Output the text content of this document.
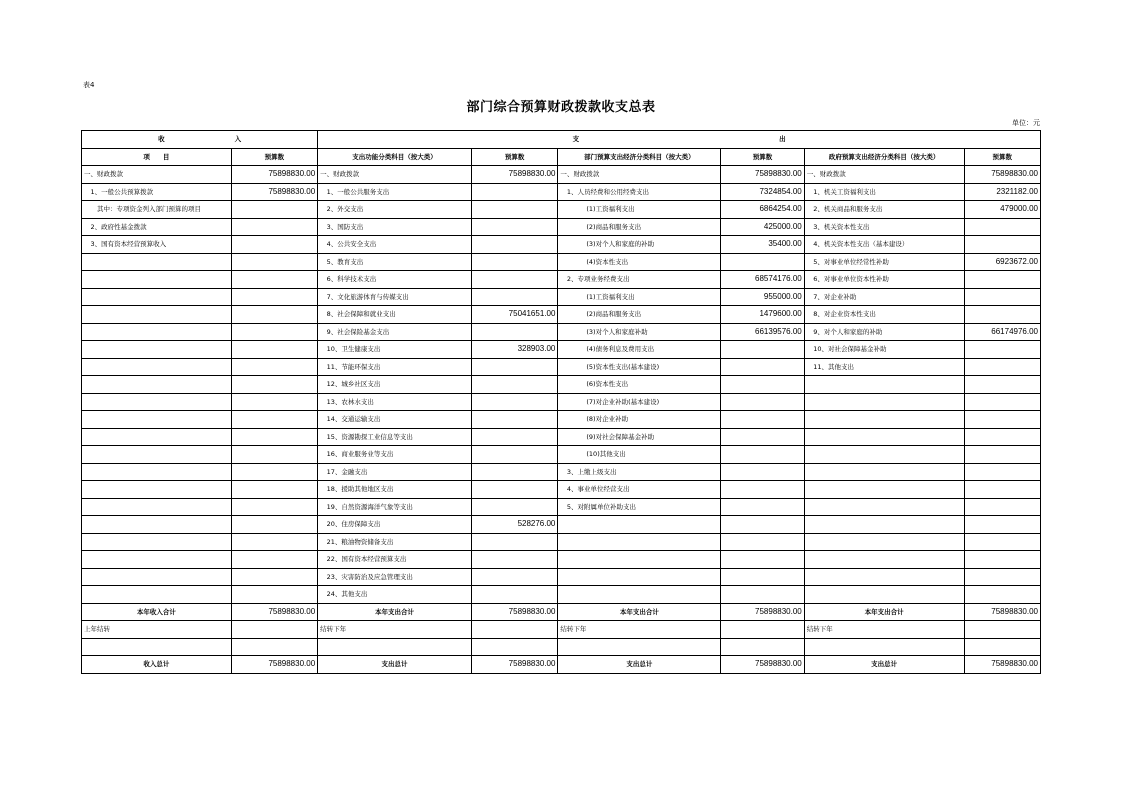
表4
部门综合预算财政拨款收支总表
单位：元
收 入		支 出					
项　　目	预算数	支出功能分类科目（按大类）	预算数	部门预算支出经济分类科目（按大类）	预算数	政府预算支出经济分类科目（按大类）	预算数
一、财政拨款	75898830.00	一、财政拨款	75898830.00	一、财政拨款	75898830.00	一、财政拨款	75898830.00
　1、一般公共预算拨款	75898830.00	　1、一般公共服务支出		　1、人员经费和公用经费支出	7324854.00	　1、机关工资福利支出	2321182.00
　　其中：专项资金列入部门预算的项目		　2、外交支出		　　　　(1)工资福利支出	6864254.00	　2、机关商品和服务支出	479000.00
　2、政府性基金拨款		　3、国防支出		　　　　(2)商品和服务支出	425000.00	　3、机关资本性支出	
　3、国有资本经营预算收入		　4、公共安全支出		　　　　(3)对个人和家庭的补助	35400.00	　4、机关资本性支出（基本建设）	
		　5、教育支出		　　　　(4)资本性支出		　5、对事业单位经常性补助	6923672.00
		　6、科学技术支出		　2、专项业务经费支出	68574176.00	　6、对事业单位资本性补助	
		　7、文化旅游体育与传媒支出		　　　　(1)工资福利支出	955000.00	　7、对企业补助	
		　8、社会保障和就业支出	75041651.00	　　　　(2)商品和服务支出	1479600.00	　8、对企业资本性支出	
		　9、社会保险基金支出		　　　　(3)对个人和家庭补助	66139576.00	　9、对个人和家庭的补助	66174976.00
		　10、卫生健康支出	328903.00	　　　　(4)债务利息及费用支出		　10、对社会保障基金补助	
		　11、节能环保支出		　　　　(5)资本性支出(基本建设)		　11、其他支出	
		　12、城乡社区支出		　　　　(6)资本性支出			
		　13、农林水支出		　　　　(7)对企业补助(基本建设)			
		　14、交通运输支出		　　　　(8)对企业补助			
		　15、资源勘探工业信息等支出		　　　　(9)对社会保障基金补助			
		　16、商业服务业等支出		　　　　(10)其他支出			
		　17、金融支出		　3、上缴上级支出			
		　18、援助其他地区支出		　4、事业单位经营支出			
		　19、自然资源海洋气象等支出		　5、对附属单位补助支出			
		　20、住房保障支出	528276.00				
		　21、粮油物资储备支出					
		　22、国有资本经营预算支出					
		　23、灾害防治及应急管理支出					
		　24、其他支出					
本年收入合计	75898830.00	本年支出合计	75898830.00	本年支出合计	75898830.00	本年支出合计	75898830.00
上年结转		结转下年		结转下年		结转下年	

收入总计	75898830.00	支出总计	75898830.00	支出总计	75898830.00	支出总计	75898830.00
